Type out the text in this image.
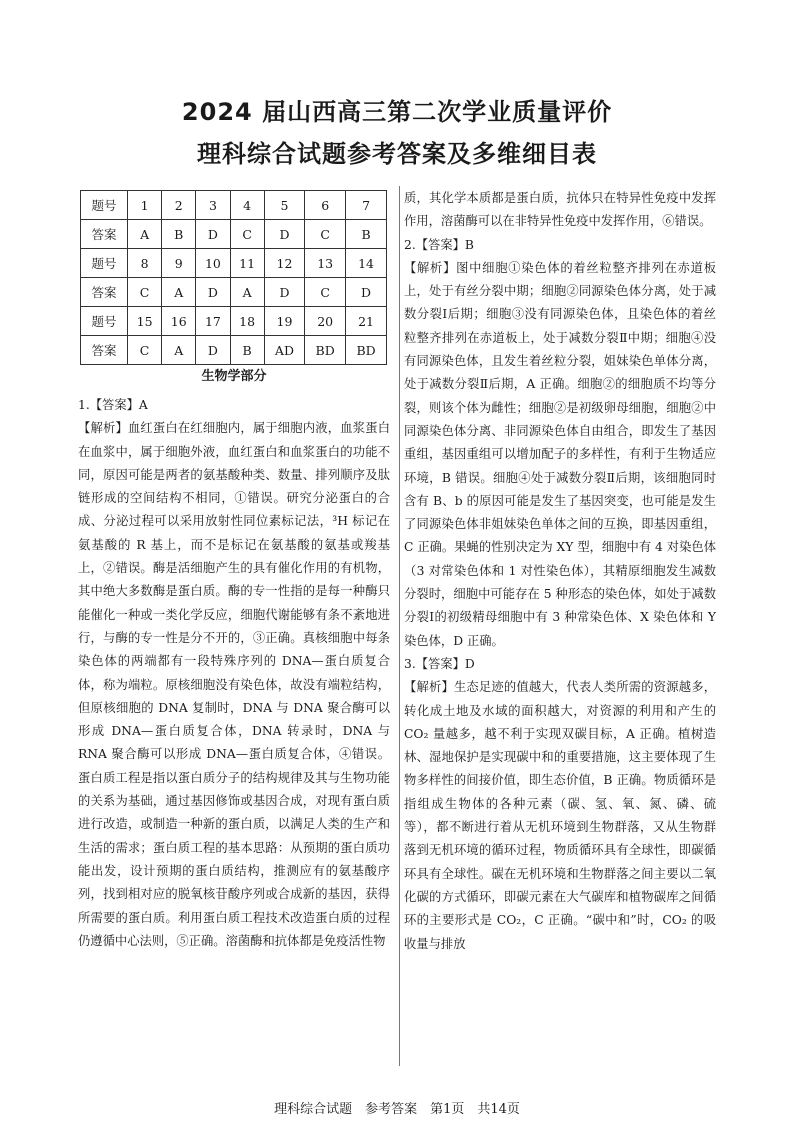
2024 届山西高三第二次学业质量评价
理科综合试题参考答案及多维细目表
题号	1	2	3	4	5	6	7
答案	A	B	D	C	D	C	B
题号	8	9	10	11	12	13	14
答案	C	A	D	A	D	C	D
题号	15	16	17	18	19	20	21
答案	C	A	D	B	AD	BD	BD
生物学部分

1.【答案】A

【解析】血红蛋白在红细胞内，属于细胞内液，血浆蛋白在血浆中，属于细胞外液，血红蛋白和血浆蛋白的功能不同，原因可能是两者的氨基酸种类、数量、排列顺序及肽链形成的空间结构不相同，①错误。研究分泌蛋白的合成、分泌过程可以采用放射性同位素标记法，³H 标记在氨基酸的 R 基上，而不是标记在氨基酸的氨基或羧基上，②错误。酶是活细胞产生的具有催化作用的有机物，其中绝大多数酶是蛋白质。酶的专一性指的是每一种酶只能催化一种或一类化学反应，细胞代谢能够有条不紊地进行，与酶的专一性是分不开的，③正确。真核细胞中每条染色体的两端都有一段特殊序列的 DNA—蛋白质复合体，称为端粒。原核细胞没有染色体，故没有端粒结构，但原核细胞的 DNA 复制时，DNA 与 DNA 聚合酶可以形成 DNA—蛋白质复合体，DNA 转录时，DNA 与 RNA 聚合酶可以形成 DNA—蛋白质复合体，④错误。蛋白质工程是指以蛋白质分子的结构规律及其与生物功能的关系为基础，通过基因修饰或基因合成，对现有蛋白质进行改造，或制造一种新的蛋白质，以满足人类的生产和生活的需求；蛋白质工程的基本思路：从预期的蛋白质功能出发，设计预期的蛋白质结构，推测应有的氨基酸序列，找到相对应的脱氧核苷酸序列或合成新的基因，获得所需要的蛋白质。利用蛋白质工程技术改造蛋白质的过程仍遵循中心法则，⑤正确。溶菌酶和抗体都是免疫活性物

质，其化学本质都是蛋白质，抗体只在特异性免疫中发挥作用，溶菌酶可以在非特异性免疫中发挥作用，⑥错误。

2.【答案】B

【解析】图中细胞①染色体的着丝粒整齐排列在赤道板上，处于有丝分裂中期；细胞②同源染色体分离，处于减数分裂Ⅰ后期；细胞③没有同源染色体，且染色体的着丝粒整齐排列在赤道板上，处于减数分裂Ⅱ中期；细胞④没有同源染色体，且发生着丝粒分裂，姐妹染色单体分离，处于减数分裂Ⅱ后期，A 正确。细胞②的细胞质不均等分裂，则该个体为雌性；细胞②是初级卵母细胞，细胞②中同源染色体分离、非同源染色体自由组合，即发生了基因重组，基因重组可以增加配子的多样性，有利于生物适应环境，B 错误。细胞④处于减数分裂Ⅱ后期，该细胞同时含有 B、b 的原因可能是发生了基因突变，也可能是发生了同源染色体非姐妹染色单体之间的互换，即基因重组，C 正确。果蝇的性别决定为 XY 型，细胞中有 4 对染色体（3 对常染色体和 1 对性染色体），其精原细胞发生减数分裂时，细胞中可能存在 5 种形态的染色体，如处于减数分裂Ⅰ的初级精母细胞中有 3 种常染色体、X 染色体和 Y 染色体，D 正确。

3.【答案】D

【解析】生态足迹的值越大，代表人类所需的资源越多，转化成土地及水域的面积越大，对资源的利用和产生的 CO₂ 量越多，越不利于实现双碳目标，A 正确。植树造林、湿地保护是实现碳中和的重要措施，这主要体现了生物多样性的间接价值，即生态价值，B 正确。物质循环是指组成生物体的各种元素（碳、氢、氧、氮、磷、硫等），都不断进行着从无机环境到生物群落，又从生物群落到无机环境的循环过程，物质循环具有全球性，即碳循环具有全球性。碳在无机环境和生物群落之间主要以二氧化碳的方式循环，即碳元素在大气碳库和植物碳库之间循环的主要形式是 CO₂，C 正确。“碳中和”时，CO₂ 的吸收量与排放

理科综合试题　参考答案　第1页　共14页
